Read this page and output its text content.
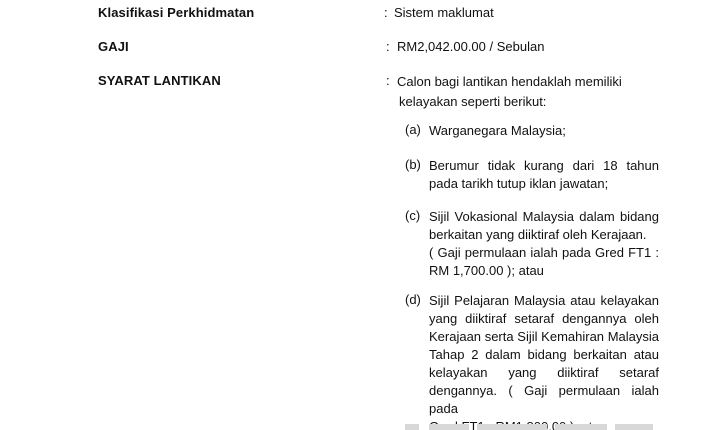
Klasifikasi Perkhidmatan	: Sistem maklumat
GAJI	: RM2,042.00.00 / Sebulan
SYARAT LANTIKAN	: Calon bagi lantikan hendaklah memiliki
kelayakan seperti berikut:
(a) Warganegara Malaysia;
(b) Berumur tidak kurang dari 18 tahun
pada tarikh tutup iklan jawatan;
(c) Sijil Vokasional Malaysia dalam bidang
berkaitan yang diiktiraf oleh Kerajaan.
( Gaji permulaan ialah pada Gred FT1 :
RM 1,700.00 ); atau
(d) Sijil Pelajaran Malaysia atau kelayakan
yang diiktiraf setaraf dengannya oleh
Kerajaan serta Sijil Kemahiran Malaysia
Tahap 2 dalam bidang berkaitan atau
kelayakan yang diiktiraf setaraf
dengannya. ( Gaji permulaan ialah pada
FT1
